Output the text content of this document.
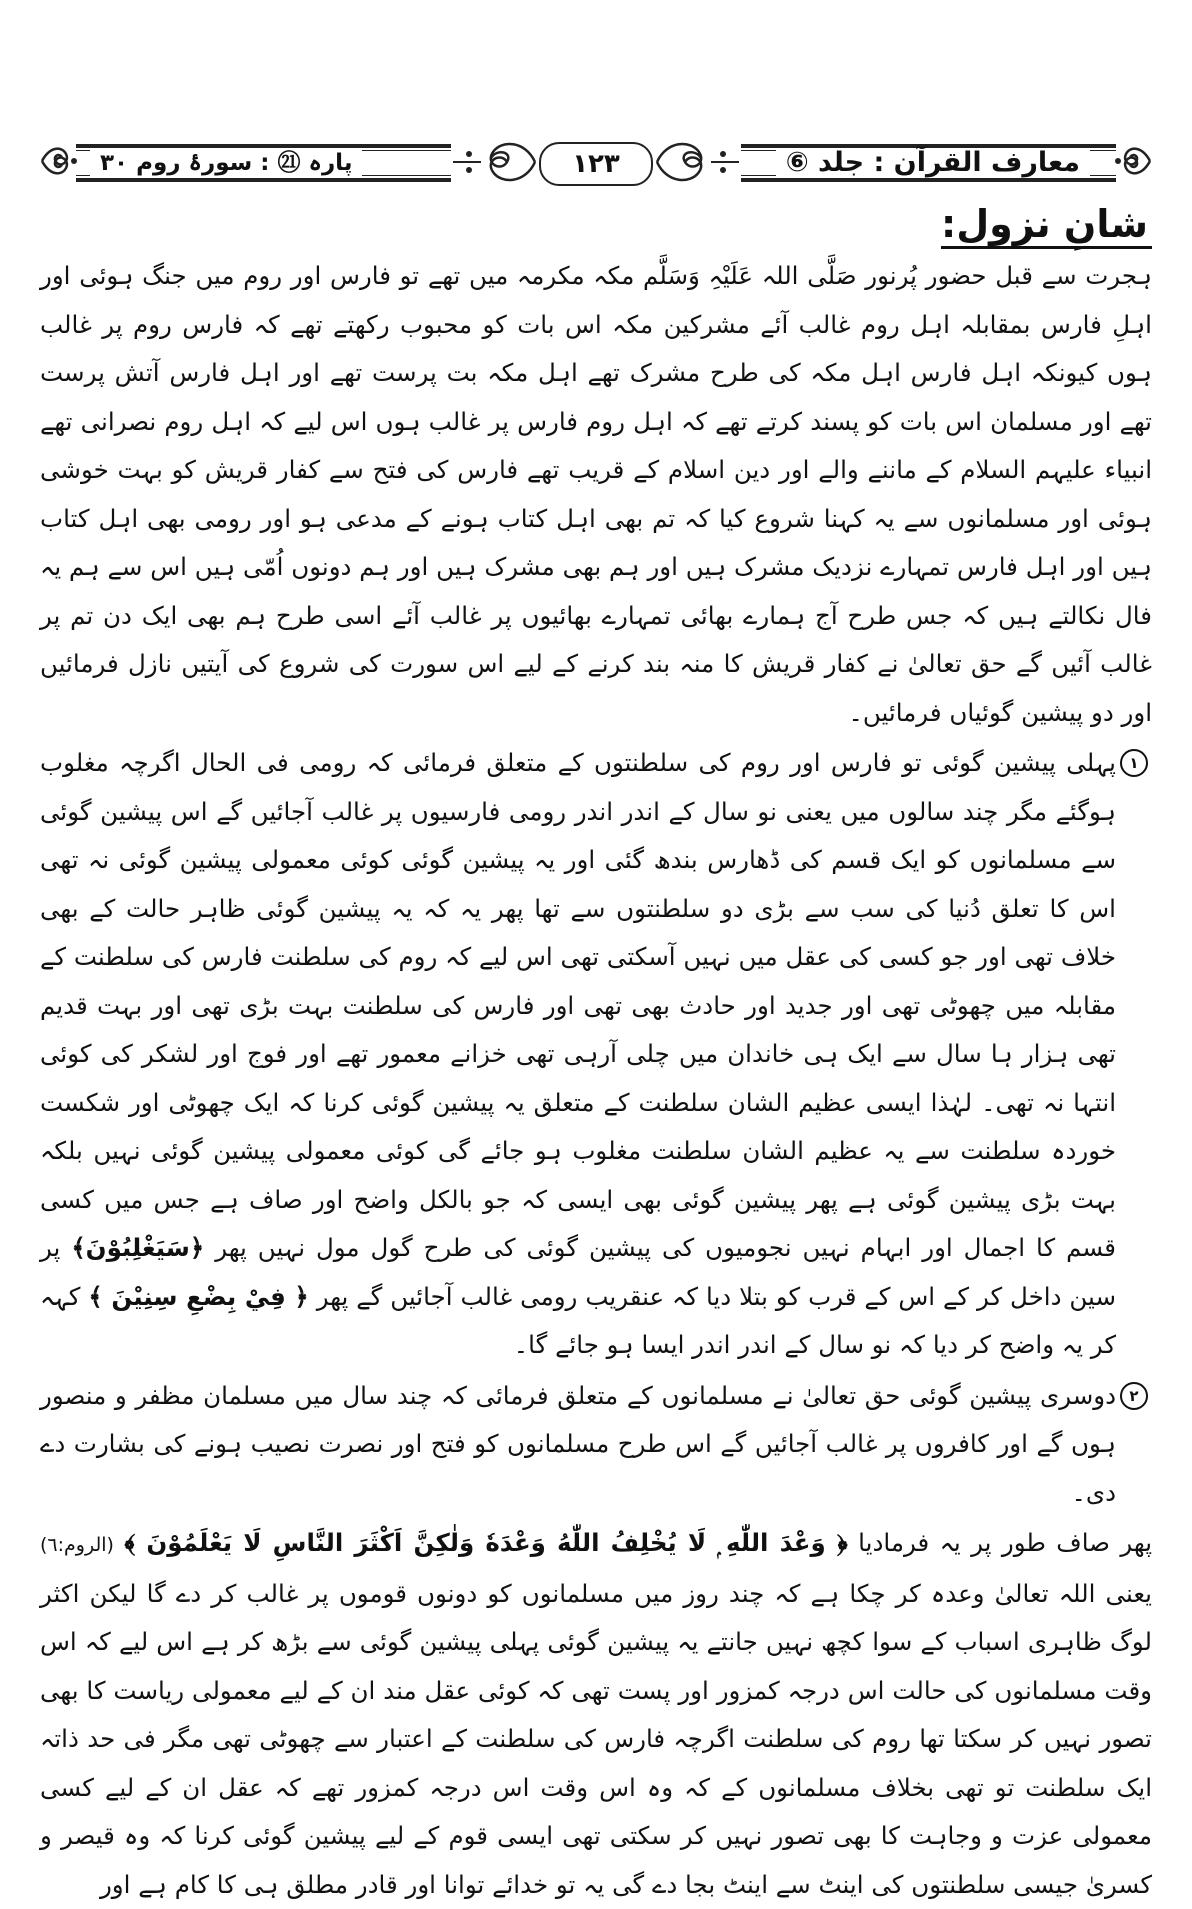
معارف القرآن : جلد ⑥
پارہ ㉑ : سورۂ روم ۳۰	۱۲۳
شانِ نزول:

ہجرت سے قبل حضور پُرنور صَلَّی اللہ عَلَیْہِ وَسَلَّم مکہ مکرمہ میں تھے تو فارس اور روم میں جنگ ہوئی اور اہلِ فارس بمقابلہ اہل روم غالب آئے مشرکین مکہ اس بات کو محبوب رکھتے تھے کہ فارس روم پر غالب ہوں کیونکہ اہل فارس اہل مکہ کی طرح مشرک تھے اہل مکہ بت پرست تھے اور اہل فارس آتش پرست تھے اور مسلمان اس بات کو پسند کرتے تھے کہ اہل روم فارس پر غالب ہوں اس لیے کہ اہل روم نصرانی تھے انبیاء علیہم السلام کے ماننے والے اور دین اسلام کے قریب تھے فارس کی فتح سے کفار قریش کو بہت خوشی ہوئی اور مسلمانوں سے یہ کہنا شروع کیا کہ تم بھی اہل کتاب ہونے کے مدعی ہو اور رومی بھی اہل کتاب ہیں اور اہل فارس تمہارے نزدیک مشرک ہیں اور ہم بھی مشرک ہیں اور ہم دونوں اُمّی ہیں اس سے ہم یہ فال نکالتے ہیں کہ جس طرح آج ہمارے بھائی تمہارے بھائیوں پر غالب آئے اسی طرح ہم بھی ایک دن تم پر غالب آئیں گے حق تعالیٰ نے کفار قریش کا منہ بند کرنے کے لیے اس سورت کی شروع کی آیتیں نازل فرمائیں اور دو پیشین گوئیاں فرمائیں۔

١
پہلی پیشین گوئی تو فارس اور روم کی سلطنتوں کے متعلق فرمائی کہ رومی فی الحال اگرچہ مغلوب ہوگئے مگر چند سالوں میں یعنی نو سال کے اندر اندر رومی فارسیوں پر غالب آجائیں گے اس پیشین گوئی سے مسلمانوں کو ایک قسم کی ڈھارس بندھ گئی اور یہ پیشین گوئی کوئی معمولی پیشین گوئی نہ تھی اس کا تعلق دُنیا کی سب سے بڑی دو سلطنتوں سے تھا پھر یہ کہ یہ پیشین گوئی ظاہر حالت کے بھی خلاف تھی اور جو کسی کی عقل میں نہیں آسکتی تھی اس لیے کہ روم کی سلطنت فارس کی سلطنت کے مقابلہ میں چھوٹی تھی اور جدید اور حادث بھی تھی اور فارس کی سلطنت بہت بڑی تھی اور بہت قدیم تھی ہزار ہا سال سے ایک ہی خاندان میں چلی آرہی تھی خزانے معمور تھے اور فوج اور لشکر کی کوئی انتہا نہ تھی۔ لہٰذا ایسی عظیم الشان سلطنت کے متعلق یہ پیشین گوئی کرنا کہ ایک چھوٹی اور شکست خوردہ سلطنت سے یہ عظیم الشان سلطنت مغلوب ہو جائے گی کوئی معمولی پیشین گوئی نہیں بلکہ بہت بڑی پیشین گوئی ہے پھر پیشین گوئی بھی ایسی کہ جو بالکل واضح اور صاف ہے جس میں کسی قسم کا اجمال اور ابہام نہیں نجومیوں کی پیشین گوئی کی طرح گول مول نہیں پھر ﴿سَيَغْلِبُوْنَ﴾ پر سین داخل کر کے اس کے قرب کو بتلا دیا کہ عنقریب رومی غالب آجائیں گے پھر ﴿ فِيْ بِضْعِ سِنِيْنَ ﴾ کہہ کر یہ واضح کر دیا کہ نو سال کے اندر اندر ایسا ہو جائے گا۔
٢
دوسری پیشین گوئی حق تعالیٰ نے مسلمانوں کے متعلق فرمائی کہ چند سال میں مسلمان مظفر و منصور ہوں گے اور کافروں پر غالب آجائیں گے اس طرح مسلمانوں کو فتح اور نصرت نصیب ہونے کی بشارت دے دی۔

پھر صاف طور پر یہ فرمادیا ﴿ وَعْدَ اللّٰهِ ۭ لَا يُخْلِفُ اللّٰهُ وَعْدَهٗ وَلٰكِنَّ اَكْثَرَ النَّاسِ لَا يَعْلَمُوْنَ ﴾ (الروم:٦) یعنی اللہ تعالیٰ وعدہ کر چکا ہے کہ چند روز میں مسلمانوں کو دونوں قوموں پر غالب کر دے گا لیکن اکثر لوگ ظاہری اسباب کے سوا کچھ نہیں جانتے یہ پیشین گوئی پہلی پیشین گوئی سے بڑھ کر ہے اس لیے کہ اس وقت مسلمانوں کی حالت اس درجہ کمزور اور پست تھی کہ کوئی عقل مند ان کے لیے معمولی ریاست کا بھی تصور نہیں کر سکتا تھا روم کی سلطنت اگرچہ فارس کی سلطنت کے اعتبار سے چھوٹی تھی مگر فی حد ذاتہ ایک سلطنت تو تھی بخلاف مسلمانوں کے کہ وہ اس وقت اس درجہ کمزور تھے کہ عقل ان کے لیے کسی معمولی عزت و وجاہت کا بھی تصور نہیں کر سکتی تھی ایسی قوم کے لیے پیشین گوئی کرنا کہ وہ قیصر و کسریٰ جیسی سلطنتوں کی اینٹ سے اینٹ بجا دے گی یہ تو خدائے توانا اور قادر مطلق ہی کا کام ہے اور
